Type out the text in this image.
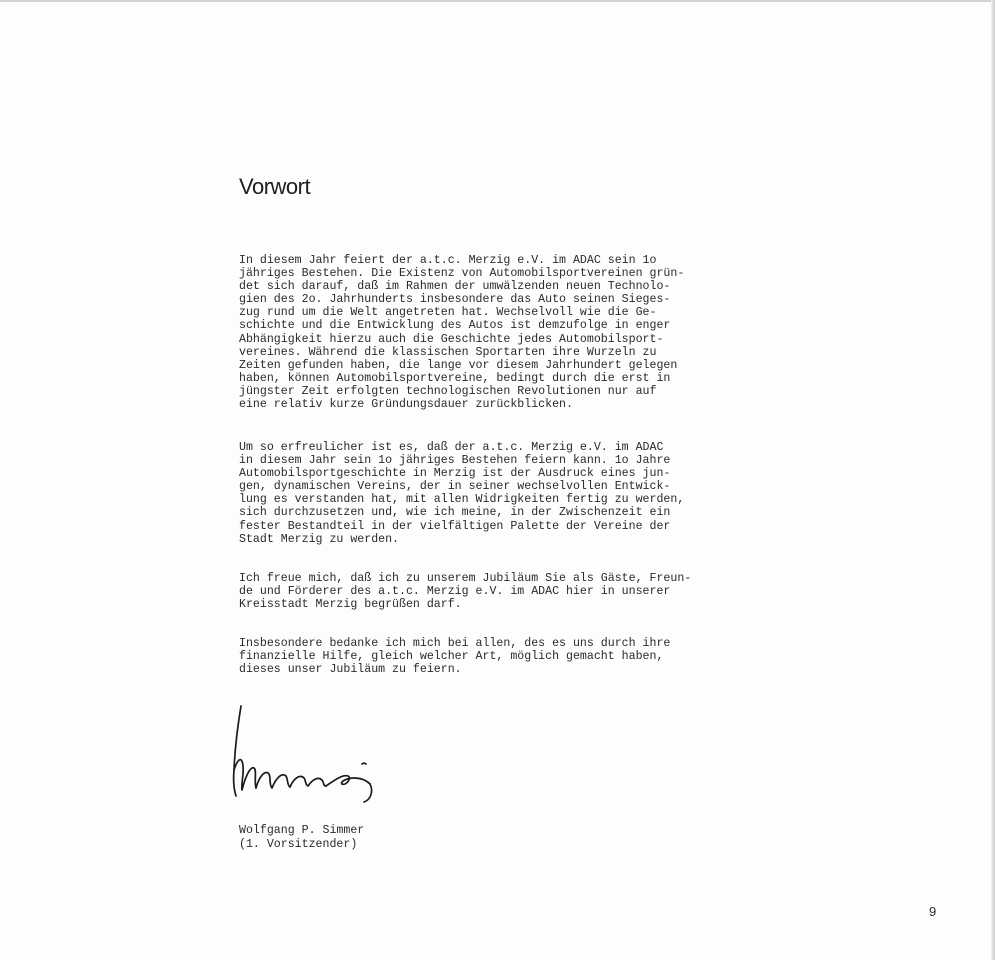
Vorwort

In diesem Jahr feiert der a.t.c. Merzig e.V. im ADAC sein 1o
jähriges Bestehen. Die Existenz von Automobilsportvereinen grün-
det sich darauf, daß im Rahmen der umwälzenden neuen Technolo-
gien des 2o. Jahrhunderts insbesondere das Auto seinen Sieges-
zug rund um die Welt angetreten hat. Wechselvoll wie die Ge-
schichte und die Entwicklung des Autos ist demzufolge in enger
Abhängigkeit hierzu auch die Geschichte jedes Automobilsport-
vereines. Während die klassischen Sportarten ihre Wurzeln zu
Zeiten gefunden haben, die lange vor diesem Jahrhundert gelegen
haben, können Automobilsportvereine, bedingt durch die erst in
jüngster Zeit erfolgten technologischen Revolutionen nur auf
eine relativ kurze Gründungsdauer zurückblicken.

Um so erfreulicher ist es, daß der a.t.c. Merzig e.V. im ADAC
in diesem Jahr sein 1o jähriges Bestehen feiern kann. 1o Jahre
Automobilsportgeschichte in Merzig ist der Ausdruck eines jun-
gen, dynamischen Vereins, der in seiner wechselvollen Entwick-
lung es verstanden hat, mit allen Widrigkeiten fertig zu werden,
sich durchzusetzen und, wie ich meine, in der Zwischenzeit ein
fester Bestandteil in der vielfältigen Palette der Vereine der
Stadt Merzig zu werden.

Ich freue mich, daß ich zu unserem Jubiläum Sie als Gäste, Freun-
de und Förderer des a.t.c. Merzig e.V. im ADAC hier in unserer
Kreisstadt Merzig begrüßen darf.

Insbesondere bedanke ich mich bei allen, des es uns durch ihre
finanzielle Hilfe, gleich welcher Art, möglich gemacht haben,
dieses unser Jubiläum zu feiern.

Wolfgang P. Simmer
(1. Vorsitzender)
9
